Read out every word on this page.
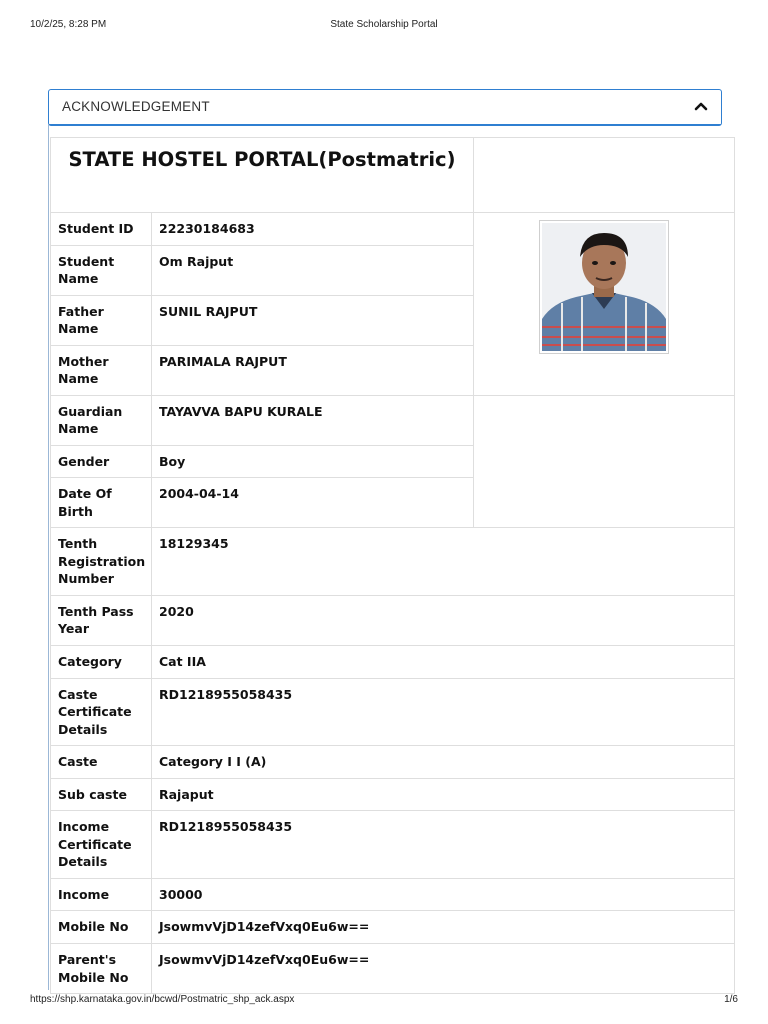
10/2/25, 8:28 PM	State Scholarship Portal
ACKNOWLEDGEMENT
STATE HOSTEL PORTAL(Postmatric)		
Student ID	22230184683	

Student Name	Om Rajput	
Father Name	SUNIL RAJPUT	
Mother Name	PARIMALA RAJPUT	
Guardian Name	TAYAVVA BAPU KURALE	
Gender	Boy	
Date Of Birth	2004-04-14	
Tenth Registration Number	18129345	
Tenth Pass Year	2020	
Category	Cat IIA	
Caste Certificate Details	RD1218955058435	
Caste	Category I I (A)	
Sub caste	Rajaput	
Income Certificate Details	RD1218955058435	
Income	30000	
Mobile No	JsowmvVjD14zefVxq0Eu6w==	
Parent's Mobile No	JsowmvVjD14zefVxq0Eu6w==	
https://shp.karnataka.gov.in/bcwd/Postmatric_shp_ack.aspx	1/6
